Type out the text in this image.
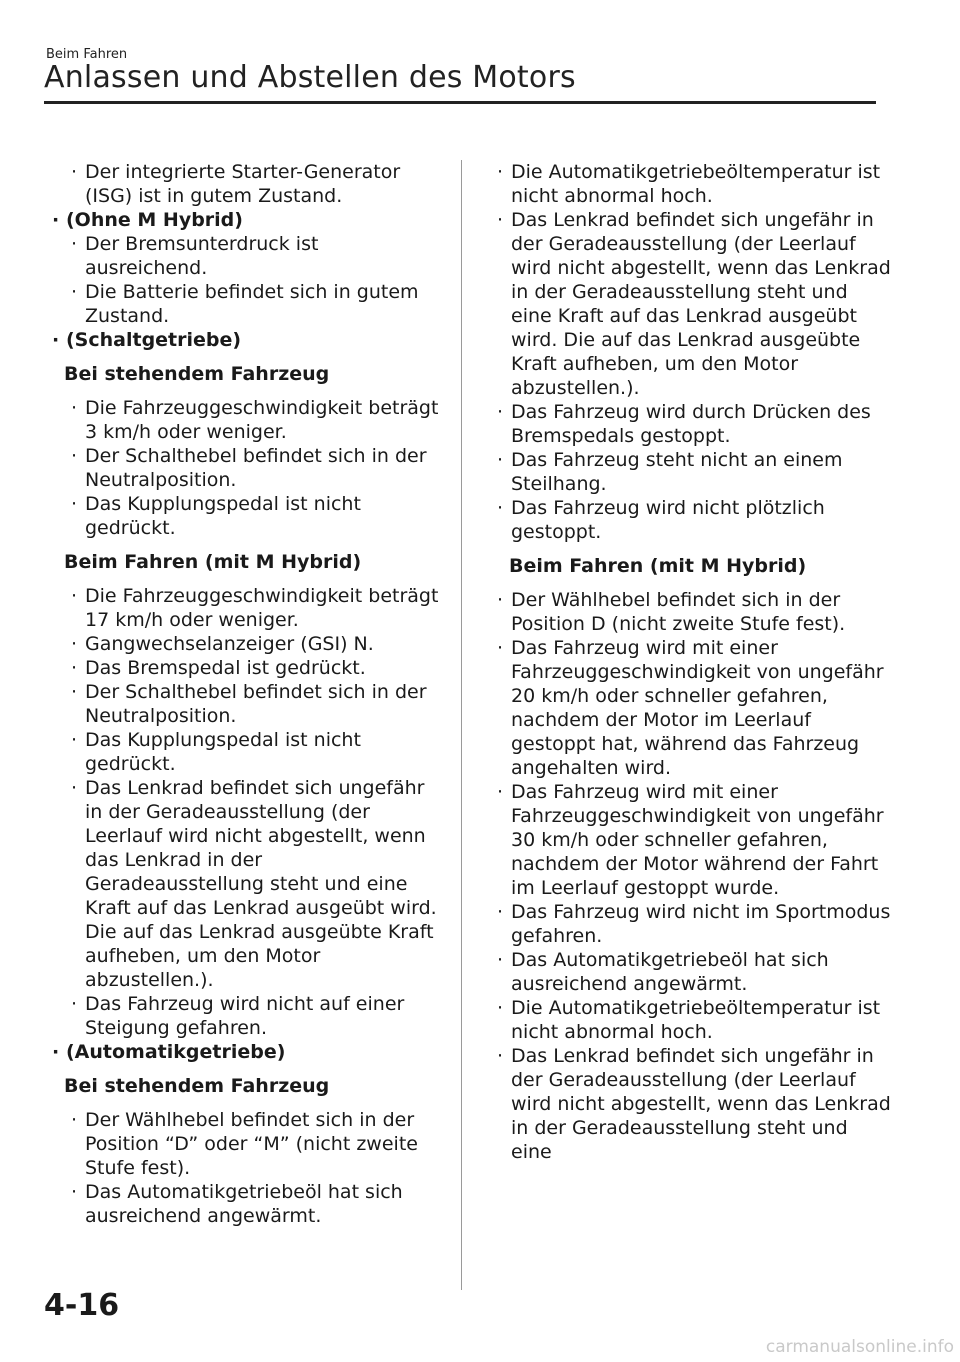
Beim Fahren
Anlassen und Abstellen des Motors
· Der integrierte Starter-Generator (ISG) ist in gutem Zustand.
· (Ohne M Hybrid)
· Der Bremsunterdruck ist ausreichend.
· Die Batterie befindet sich in gutem Zustand.
· (Schaltgetriebe)
Bei stehendem Fahrzeug
· Die Fahrzeuggeschwindigkeit beträgt 3 km/h oder weniger.
· Der Schalthebel befindet sich in der Neutralposition.
· Das Kupplungspedal ist nicht gedrückt.
Beim Fahren (mit M Hybrid)
· Die Fahrzeuggeschwindigkeit beträgt 17 km/h oder weniger.
· Gangwechselanzeiger (GSI) N.
· Das Bremspedal ist gedrückt.
· Der Schalthebel befindet sich in der Neutralposition.
· Das Kupplungspedal ist nicht gedrückt.
· Das Lenkrad befindet sich ungefähr in der Geradeausstellung (der Leerlauf wird nicht abgestellt, wenn das Lenkrad in der Geradeausstellung steht und eine Kraft auf das Lenkrad ausgeübt wird. Die auf das Lenkrad ausgeübte Kraft aufheben, um den Motor abzustellen.).
· Das Fahrzeug wird nicht auf einer Steigung gefahren.
· (Automatikgetriebe)
Bei stehendem Fahrzeug
· Der Wählhebel befindet sich in der Position “D” oder “M” (nicht zweite Stufe fest).
· Das Automatikgetriebeöl hat sich ausreichend angewärmt.
· Die Automatikgetriebeöltemperatur ist nicht abnormal hoch.
· Das Lenkrad befindet sich ungefähr in der Geradeausstellung (der Leerlauf wird nicht abgestellt, wenn das Lenkrad in der Geradeausstellung steht und eine Kraft auf das Lenkrad ausgeübt wird. Die auf das Lenkrad ausgeübte Kraft aufheben, um den Motor abzustellen.).
· Das Fahrzeug wird durch Drücken des Bremspedals gestoppt.
· Das Fahrzeug steht nicht an einem Steilhang.
· Das Fahrzeug wird nicht plötzlich gestoppt.
Beim Fahren (mit M Hybrid)
· Der Wählhebel befindet sich in der Position D (nicht zweite Stufe fest).
· Das Fahrzeug wird mit einer Fahrzeuggeschwindigkeit von ungefähr 20 km/h oder schneller gefahren, nachdem der Motor im Leerlauf gestoppt hat, während das Fahrzeug angehalten wird.
· Das Fahrzeug wird mit einer Fahrzeuggeschwindigkeit von ungefähr 30 km/h oder schneller gefahren, nachdem der Motor während der Fahrt im Leerlauf gestoppt wurde.
· Das Fahrzeug wird nicht im Sportmodus gefahren.
· Das Automatikgetriebeöl hat sich ausreichend angewärmt.
· Die Automatikgetriebeöltemperatur ist nicht abnormal hoch.
· Das Lenkrad befindet sich ungefähr in der Geradeausstellung (der Leerlauf wird nicht abgestellt, wenn das Lenkrad in der Geradeausstellung steht und eine
4-16
carmanualsonline.info
